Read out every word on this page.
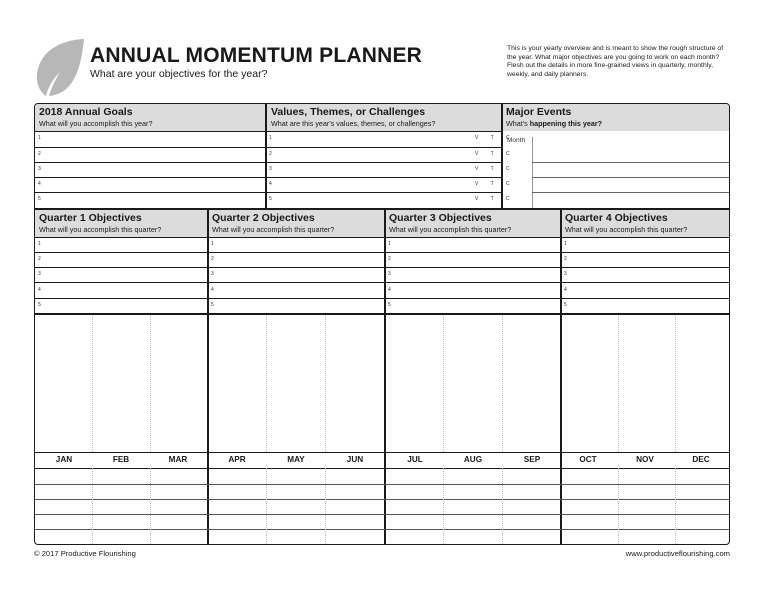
ANNUAL MOMENTUM PLANNER
What are your objectives for the year?
This is your yearly overview and is meant to show the rough structure of the year. What major objectives are you going to work on each month? Flesh out the details in more fine-grained views in quarterly, monthly, weekly, and daily planners.
2018 Annual Goals
What will you accomplish this year?
Values, Themes, or Challenges
What are this year's values, themes, or challenges?
Major Events
What's happening this year?
1
2
3
4
5
1
2
3
4
5
V T C
V T C
V T C
V T C
V T C
Month
Quarter 1 Objectives
What will you accomplish this quarter?
Quarter 2 Objectives
What will you accomplish this quarter?
Quarter 3 Objectives
What will you accomplish this quarter?
Quarter 4 Objectives
What will you accomplish this quarter?
1
2
3
4
5
1
2
3
4
5
1
2
3
4
5
1
2
3
4
5
JAN	FEB	MAR	APR	MAY	JUN	JUL	AUG	SEP	OCT	NOV	DEC
© 2017 Productive Flourishing	www.productiveflourishing.com
